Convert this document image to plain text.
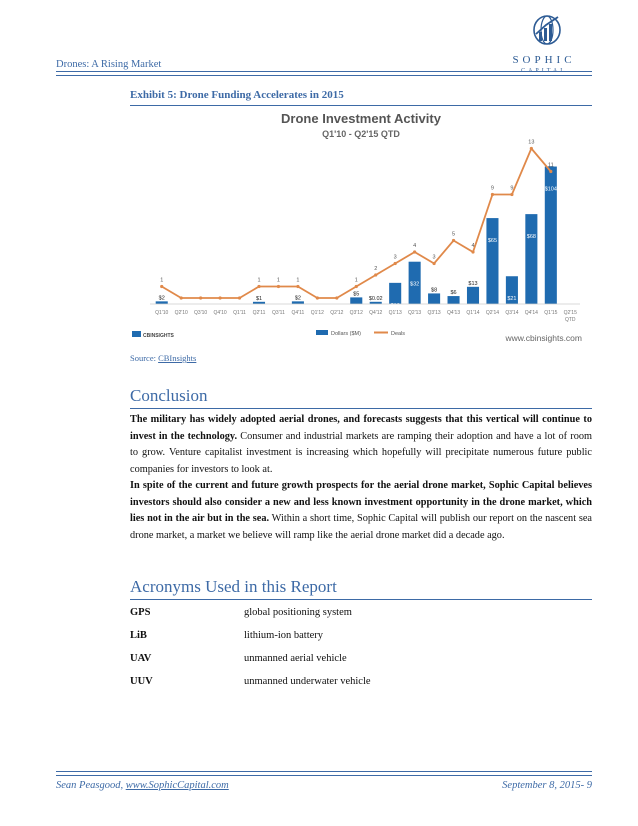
Drones: A Rising Market	SOPHIC
CAPITAL
Exhibit 5: Drone Funding Accelerates in 2015
Drone Investment Activity
Q1'10 - Q2'15 QTD
$2	$1	$2
$5
$0.02
$16
$32
$8 $6
$13
$65
$21
$68
$104
1	1	1	1	1
2
3
4
3
5
4
9	9
13
11
Q1'10 Q2'10 Q3'10 Q4'10 Q1'11 Q2'11 Q3'11 Q4'11 Q1'12 Q2'12 Q3'12 Q4'12 Q1'13 Q2'13 Q3'13 Q4'13 Q1'14 Q2'14 Q3'14 Q4'14 Q1'15 Q2'15
QTD
CBINSIGHTS	Dollars ($M)	Deals	www.cbinsights.com
Source: CBInsights
Conclusion
The military has widely adopted aerial drones, and forecasts suggests that this vertical will continue to invest in the technology. Consumer and industrial markets are ramping their adoption and have a lot of room to grow. Venture capitalist investment is increasing which hopefully will precipitate numerous future public companies for investors to look at.
In spite of the current and future growth prospects for the aerial drone market, Sophic Capital believes investors should also consider a new and less known investment opportunity in the drone market, which lies not in the air but in the sea. Within a short time, Sophic Capital will publish our report on the nascent sea drone market, a market we believe will ramp like the aerial drone market did a decade ago.
Acronyms Used in this Report
GPS	global positioning system
LiB	lithium-ion battery
UAV	unmanned aerial vehicle
UUV	unmanned underwater vehicle
Sean Peasgood, www.SophicCapital.com	September 8, 2015- 9
